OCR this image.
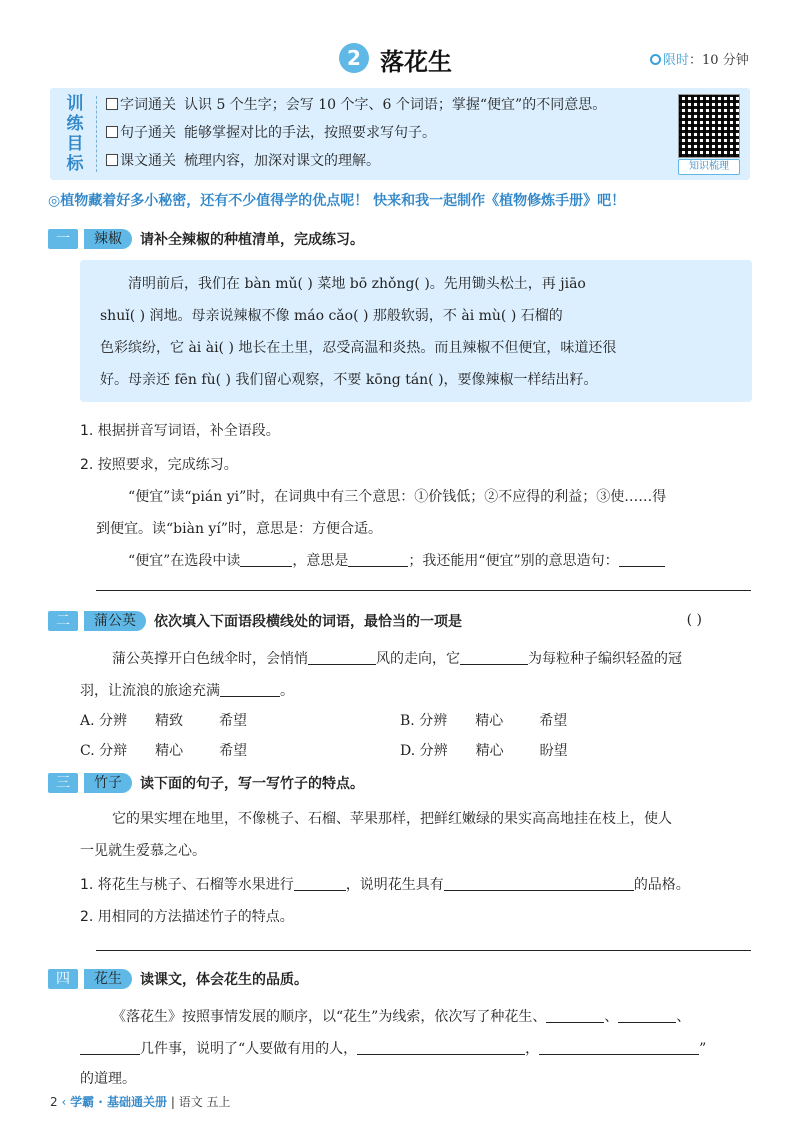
2 落花生	限时：10 分钟
训
练
目
标
字词通关 认识 5 个生字；会写 10 个字、6 个词语；掌握“便宜”的不同意思。
句子通关 能够掌握对比的手法，按照要求写句子。
课文通关 梳理内容，加深对课文的理解。	知识梳理
◎植物藏着好多小秘密，还有不少值得学的优点呢！ 快来和我一起制作《植物修炼手册》吧！
一 辣椒 请补全辣椒的种植清单，完成练习。
清明前后，我们在 bàn mǔ( ) 菜地 bō zhǒng( )。先用锄头松土，再 jiāo
shuǐ( ) 润地。母亲说辣椒不像 máo cǎo( ) 那般软弱，不 ài mù( ) 石榴的
色彩缤纷，它 ài ài( ) 地长在土里，忍受高温和炎热。而且辣椒不但便宜，味道还很
好。母亲还 fēn fù( ) 我们留心观察，不要 kōng tán( )，要像辣椒一样结出籽。
1. 根据拼音写词语，补全语段。
2. 按照要求，完成练习。
“便宜”读“pián yi”时，在词典中有三个意思：①价钱低；②不应得的利益；③使……得
到便宜。读“biàn yí”时，意思是：方便合适。
“便宜”在选段中读	，意思是	；我还能用“便宜”别的意思造句：
二 蒲公英 依次填入下面语段横线处的词语，最恰当的一项是	( )
蒲公英撑开白色绒伞时，会悄悄	风的走向，它	为每粒种子编织轻盈的冠
羽，让流浪的旅途充满	。
A. 分辨 精致	希望	B. 分辨 精心	希望
C. 分辩 精心	希望	D. 分辨 精心	盼望
三 竹子 读下面的句子，写一写竹子的特点。
它的果实埋在地里，不像桃子、石榴、苹果那样，把鲜红嫩绿的果实高高地挂在枝上，使人
一见就生爱慕之心。
1. 将花生与桃子、石榴等水果进行	，说明花生具有	的品格。
2. 用相同的方法描述竹子的特点。
四 花生 读课文，体会花生的品质。
《落花生》按照事情发展的顺序，以“花生”为线索，依次写了种花生、	、	、
几件事，说明了“人要做有用的人，	，	”
的道理。
2 ‹ 学霸 · 基础通关册 | 语文 五上
